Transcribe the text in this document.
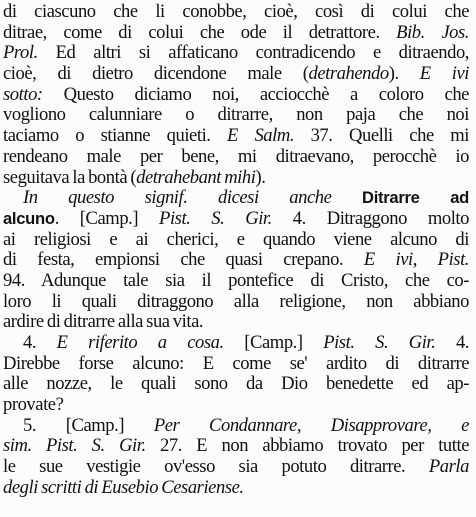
di ciascuno che li conobbe, cioè, così di colui che
ditrae, come di colui che ode il detrattore. Bib. Jos.
Prol. Ed altri si affaticano contradicendo e ditraendo,
cioè, di dietro dicendone male (detrahendo). E ivi
sotto: Questo diciamo noi, acciocchè a coloro che
vogliono calunniare o ditrarre, non paja che noi
taciamo o stianne quieti. E Salm. 37. Quelli che mi
rendeano male per bene, mi ditraevano, perocchè io
seguitava la bontà (detrahebant mihi).
In questo signif. dicesi anche Ditrarre ad
alcuno. [Camp.] Pist. S. Gir. 4. Ditraggono molto
ai religiosi e ai cherici, e quando viene alcuno di
di festa, empionsi che quasi crepano. E ivi, Pist.
94. Adunque tale sia il pontefice di Cristo, che co-
loro li quali ditraggono alla religione, non abbiano
ardire di ditrarre alla sua vita.
4. E riferito a cosa. [Camp.] Pist. S. Gir. 4.
Direbbe forse alcuno: E come se' ardito di ditrarre
alle nozze, le quali sono da Dio benedette ed ap-
provate?
5. [Camp.] Per Condannare, Disapprovare, e
sim. Pist. S. Gir. 27. E non abbiamo trovato per tutte
le sue vestigie ov'esso sia potuto ditrarre. Parla
degli scritti di Eusebio Cesariense.
